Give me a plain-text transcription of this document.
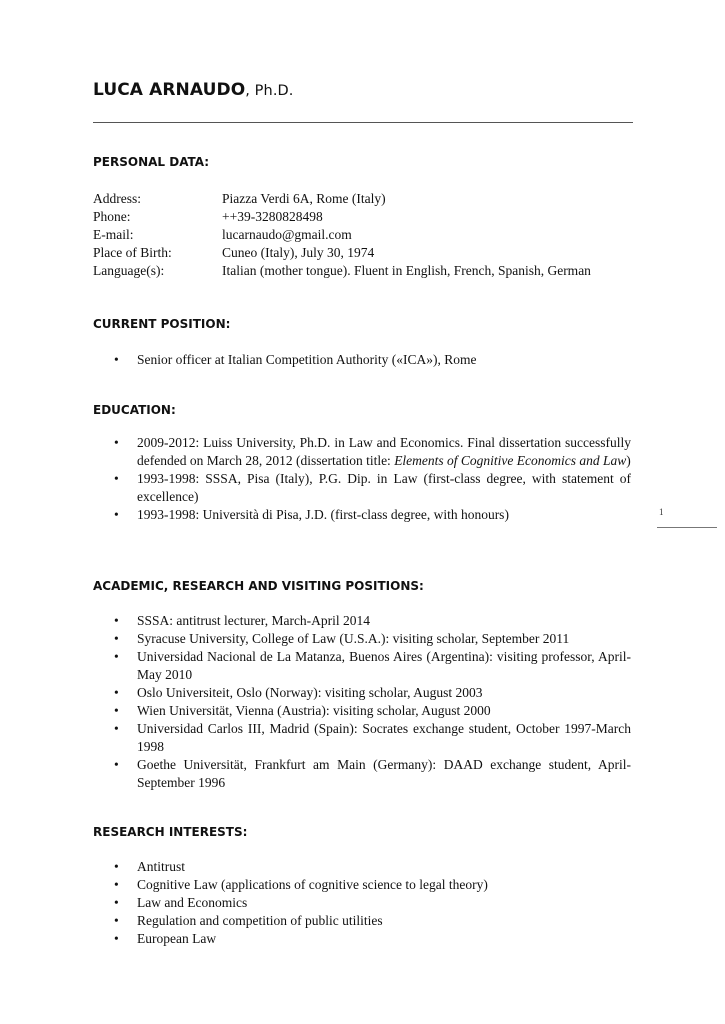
LUCA ARNAUDO, Ph.D.
1
PERSONAL DATA:
Address:	Piazza Verdi 6A, Rome (Italy)
Phone:	++39-3280828498
E-mail:	lucarnaudo@gmail.com
Place of Birth:	Cuneo (Italy), July 30, 1974
Language(s):	Italian (mother tongue). Fluent in English, French, Spanish, German
CURRENT POSITION:
• Senior officer at Italian Competition Authority («ICA»), Rome
EDUCATION:
• 2009-2012: Luiss University, Ph.D. in Law and Economics. Final dissertation successfully defended on March 28, 2012 (dissertation title: Elements of Cognitive Economics and Law)
• 1993-1998: SSSA, Pisa (Italy), P.G. Dip. in Law (first-class degree, with statement of excellence)
• 1993-1998: Università di Pisa, J.D. (first-class degree, with honours)
ACADEMIC, RESEARCH AND VISITING POSITIONS:
• SSSA: antitrust lecturer, March-April 2014
• Syracuse University, College of Law (U.S.A.): visiting scholar, September 2011
• Universidad Nacional de La Matanza, Buenos Aires (Argentina): visiting professor, April-May 2010
• Oslo Universiteit, Oslo (Norway): visiting scholar, August 2003
• Wien Universität, Vienna (Austria): visiting scholar, August 2000
• Universidad Carlos III, Madrid (Spain): Socrates exchange student, October 1997-March 1998
• Goethe Universität, Frankfurt am Main (Germany): DAAD exchange student, April-September 1996
RESEARCH INTERESTS:
• Antitrust
• Cognitive Law (applications of cognitive science to legal theory)
• Law and Economics
• Regulation and competition of public utilities
• European Law
